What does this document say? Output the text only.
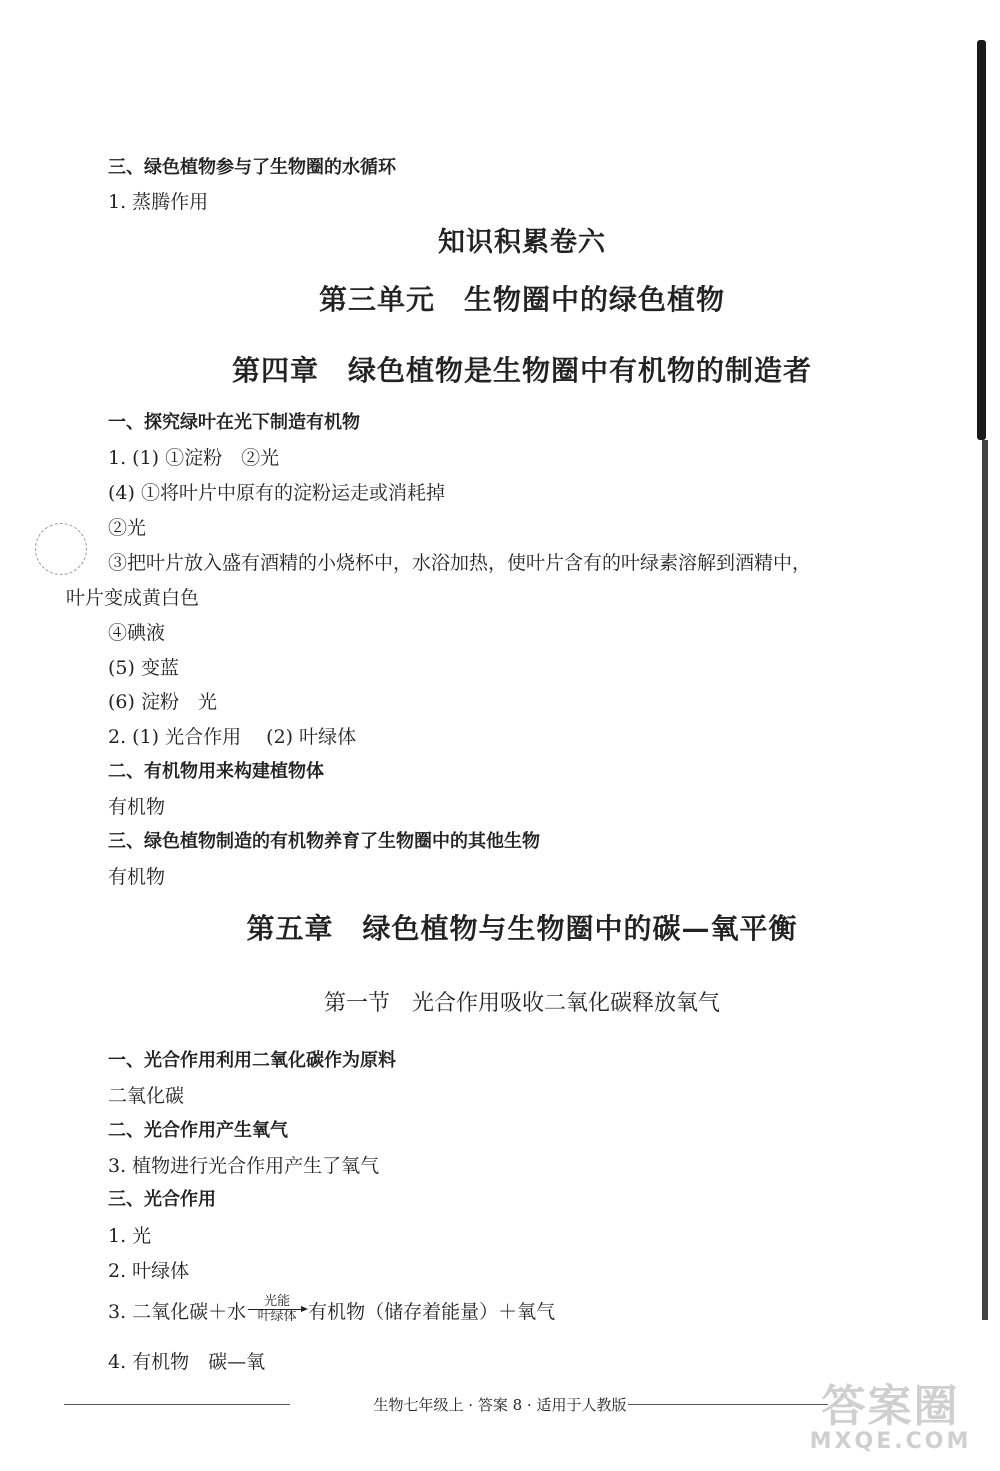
三、绿色植物参与了生物圈的水循环
1. 蒸腾作用
知识积累卷六
第三单元　生物圈中的绿色植物
第四章　绿色植物是生物圈中有机物的制造者
一、探究绿叶在光下制造有机物
1. (1) ①淀粉　②光
(4) ①将叶片中原有的淀粉运走或消耗掉
②光
③把叶片放入盛有酒精的小烧杯中，水浴加热，使叶片含有的叶绿素溶解到酒精中，
叶片变成黄白色
④碘液
(5) 变蓝
(6) 淀粉　光
2. (1) 光合作用　 (2) 叶绿体
二、有机物用来构建植物体
有机物
三、绿色植物制造的有机物养育了生物圈中的其他生物
有机物
第五章　绿色植物与生物圈中的碳—氧平衡
第一节　光合作用吸收二氧化碳释放氧气
一、光合作用利用二氧化碳作为原料
二氧化碳
二、光合作用产生氧气
3. 植物进行光合作用产生了氧气
三、光合作用
1. 光
2. 叶绿体
3. 二氧化碳＋水 $\frac{\text{光能}}{\text{叶绿体}}$ 有机物（储存着能量）＋氧气
4. 有机物　碳—氧
生物七年级上 · 答案 8 · 适用于人教版	答案圈
MXQE.COM
